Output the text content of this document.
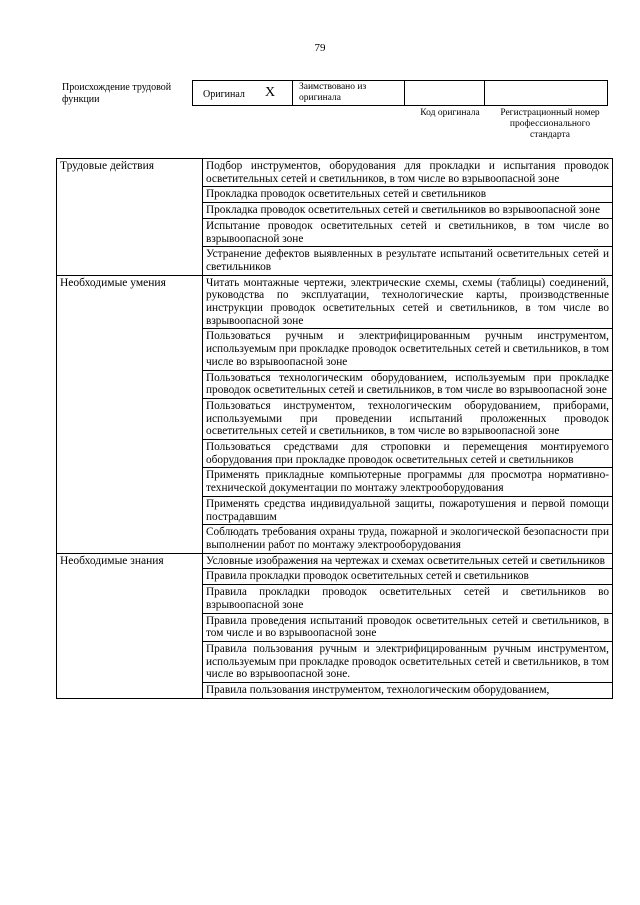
79
Происхождение трудовой функции	Оригинал X	Заимствовано из оригинала
Код оригинала	Регистрационный номер профессионального стандарта
Трудовые действия	Подбор инструментов, оборудования для прокладки и испытания проводок осветительных сетей и светильников, в том числе во взрывоопасной зоне
	Прокладка проводок осветительных сетей и светильников
	Прокладка проводок осветительных сетей и светильников во взрывоопасной зоне
	Испытание проводок осветительных сетей и светильников, в том числе во взрывоопасной зоне
	Устранение дефектов выявленных в результате испытаний осветительных сетей и светильников
Необходимые умения	Читать монтажные чертежи, электрические схемы, схемы (таблицы) соединений, руководства по эксплуатации, технологические карты, производственные инструкции проводок осветительных сетей и светильников, в том числе во взрывоопасной зоне
	Пользоваться ручным и электрифицированным ручным инструментом, используемым при прокладке проводок осветительных сетей и светильников, в том числе во взрывоопасной зоне
	Пользоваться технологическим оборудованием, используемым при прокладке проводок осветительных сетей и светильников, в том числе во взрывоопасной зоне
	Пользоваться инструментом, технологическим оборудованием, приборами, используемыми при проведении испытаний проложенных проводок осветительных сетей и светильников, в том числе во взрывоопасной зоне
	Пользоваться средствами для строповки и перемещения монтируемого оборудования при прокладке проводок осветительных сетей и светильников
	Применять прикладные компьютерные программы для просмотра нормативно-технической документации по монтажу электрооборудования
	Применять средства индивидуальной защиты, пожаротушения и первой помощи пострадавшим
	Соблюдать требования охраны труда, пожарной и экологической безопасности при выполнении работ по монтажу электрооборудования
Необходимые знания	Условные изображения на чертежах и схемах осветительных сетей и светильников
	Правила прокладки проводок осветительных сетей и светильников
	Правила прокладки проводок осветительных сетей и светильников во взрывоопасной зоне
	Правила проведения испытаний проводок осветительных сетей и светильников, в том числе и во взрывоопасной зоне
	Правила пользования ручным и электрифицированным ручным инструментом, используемым при прокладке проводок осветительных сетей и светильников, в том числе во взрывоопасной зоне.
	Правила пользования инструментом, технологическим оборудованием,
